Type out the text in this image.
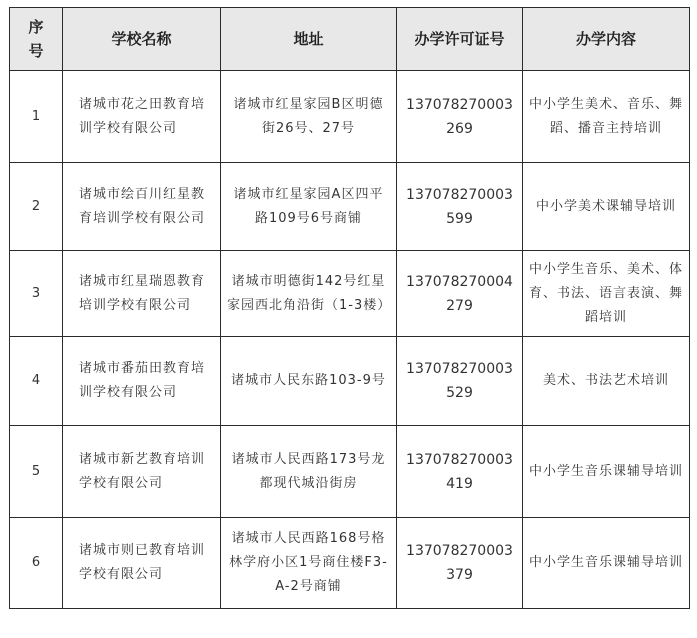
序号	学校名称	地址	办学许可证号	办学内容
1	诸城市花之田教育培训学校有限公司	诸城市红星家园B区明德街26号、27号	137078270003269	中小学生美术、音乐、舞蹈、播音主持培训
2	诸城市绘百川红星教育培训学校有限公司	诸城市红星家园A区四平路109号6号商铺	137078270003599	中小学美术课辅导培训
3	诸城市红星瑞恩教育培训学校有限公司	诸城市明德街142号红星家园西北角沿街（1-3楼）	137078270004279	中小学生音乐、美术、体育、书法、语言表演、舞蹈培训
4	诸城市番茄田教育培训学校有限公司	诸城市人民东路103-9号	137078270003529	美术、书法艺术培训
5	诸城市新艺教育培训学校有限公司	诸城市人民西路173号龙都现代城沿街房	137078270003419	中小学生音乐课辅导培训
6	诸城市则已教育培训学校有限公司	诸城市人民西路168号格林学府小区1号商住楼F3-A-2号商铺	137078270003379	中小学生音乐课辅导培训
